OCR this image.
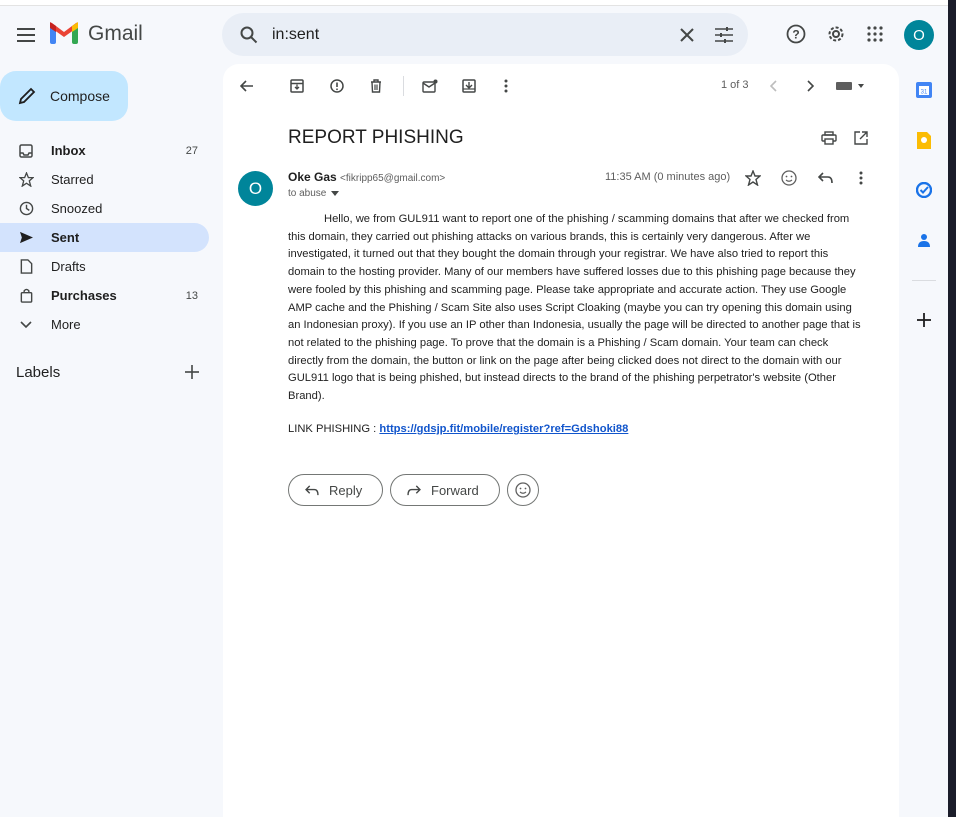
Gmail
in:sent	?	O
Compose
Inbox	27
Starred
Snoozed
Sent
Drafts
Purchases	13
More
Labels
1 of 3
REPORT PHISHING
O
Oke Gas <fikripp65@gmail.com>
to abuse
11:35 AM (0 minutes ago)

Hello, we from GUL911 want to report one of the phishing / scamming domains that after we checked from this domain, they carried out phishing attacks on various brands, this is certainly very dangerous. After we investigated, it turned out that they bought the domain through your registrar. We have also tried to report this domain to the hosting provider. Many of our members have suffered losses due to this phishing page because they were fooled by this phishing and scamming page. Please take appropriate and accurate action. They use Google AMP cache and the Phishing / Scam Site also uses Script Cloaking (maybe you can try opening this domain using an Indonesian proxy). If you use an IP other than Indonesia, usually the page will be directed to another page that is not related to the phishing page. To prove that the domain is a Phishing / Scam domain. Your team can check directly from the domain, the button or link on the page after being clicked does not direct to the domain with our GUL911 logo that is being phished, but instead directs to the brand of the phishing perpetrator's website (Other Brand).

LINK PHISHING : https://gdsjp.fit/mobile/register?ref=Gdshoki88
Reply	Forward
31
